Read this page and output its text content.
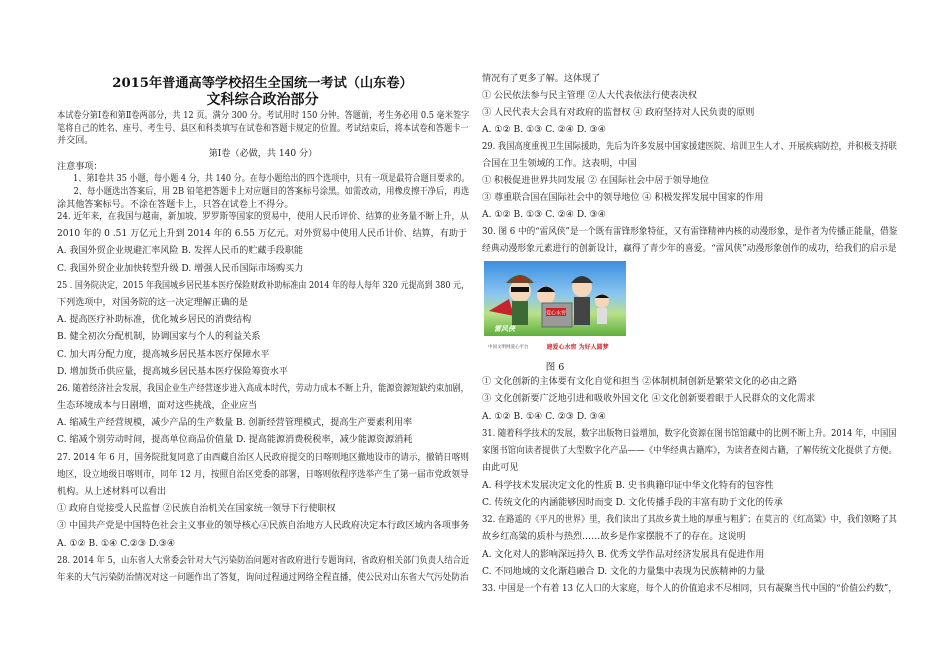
2015年普通高等学校招生全国统一考试（山东卷）
文科综合政治部分
本试卷分第Ⅰ卷和第Ⅱ卷两部分，共 12 页。满分 300 分。考试用时 150 分钟。答题前，考生务必用 0.5 毫米签字
笔将自己的姓名、座号、考生号、县区和科类填写在试卷和答题卡规定的位置。考试结束后，将本试卷和答题卡一
并交回。
第Ⅰ卷（必做，共 140 分）
注意事项：
1、第Ⅰ卷共 35 小题，每小题 4 分，共 140 分。在每小题给出的四个选项中，只有一项是最符合题目要求的。
2、每小题选出答案后，用 2B 铅笔把答题卡上对应题目的答案标号涂黑。如需改动，用橡皮擦干净后，再选
涂其他答案标号。不涂在答题卡上，只答在试卷上不得分。
24. 近年来，在我国与越南，新加坡、罗罗斯等国家的贸易中，使用人民币评价、结算的业务量不断上升，从
2010 年的 0 .51 万亿元上升到 2014 年的 6.55 万亿元。对外贸易中使用人民币计价、结算，有助于
A. 我国外贸企业规避汇率风险 B. 发挥人民币的贮藏手段职能
C. 我国外贸企业加快转型升级 D. 增强人民币国际市场购买力
25 . 国务院决定，2015 年我国城乡居民基本医疗保险财政补助标准由 2014 年的每人每年 320 元提高到 380 元，
下列选项中，对国务院的这一决定理解正确的是
A. 提高医疗补助标准，优化城乡居民的消费结构
B. 健全初次分配机制，协调国家与个人的利益关系
C. 加大再分配力度，提高城乡居民基本医疗保障水平
D. 增加货币供应量，提高城乡居民基本医疗保险筹资水平
26. 随着经济社会发展，我国企业生产经营逐步进入高成本时代，劳动力成本不断上升，能源资源短缺约束加剧，
生态环境成本与日剧增，面对这些挑战，企业应当
A. 缩减生产经营规模，减少产品的生产数量 B. 创新经营管理模式，提高生产要素利用率
C. 缩减个别劳动时间，提高单位商品价值量 D. 提高能源消费税税率，减少能源资源消耗
27. 2014 年 6 月，国务院批复同意了由西藏自治区人民政府提交的日喀则地区撤地设市的请示，撤销日喀则
地区，设立地级日喀则市，同年 12 月，按照自治区党委的部署，日喀则依程序选举产生了第一届市党政领导
机构。从上述材料可以看出
① 政府自觉接受人民监督 ②民族自治机关在国家统一领导下行使职权
③ 中国共产党是中国特色社会主义事业的领导核心④民族自治地方人民政府决定本行政区域内各项事务
A. ①② B. ①④ C.②③ D.③④
28. 2014 年 5，山东省人大常委会针对大气污染防治问题对省政府进行专题询问，省政府相关部门负责人结合近
年来的大气污染防治情况对这一问题作出了答复，询问过程通过网络全程直播，使公民对山东省大气污处防治
情况有了更多了解。这体现了
① 公民依法参与民主管理 ②人大代表依法行使表决权
③ 人民代表大会具有对政府的监督权 ④ 政府坚持对人民负责的原则
A. ①② B. ①③ C. ②④ D. ③④
29. 我国高度重视卫生国际援助，先后为许多发展中国家援建医院、培训卫生人才、开展疾病防控，并积极支持联
合国在卫生领域的工作。这表明，中国
① 积极促进世界共同发展 ② 在国际社会中居于领导地位
③ 尊重联合国在国际社会中的领导地位 ④ 积极发挥发展中国家的作用
A. ①② B. ①③ C. ②④ D. ③④
30. 图 6 中的“雷风侠”是一个既有雷锋形象特征，又有雷锋精神内核的动漫形象，是作者为传播正能量，借鉴
经典动漫形象元素进行的创新设计，赢得了青少年的喜爱。“雷风侠”动漫形象创作的成功，给我们的启示是
爱心水窖
雷风侠
中国文明网爱心平台	建爱心水窖 为好人圆梦
图 6
① 文化创新的主体要有文化自觉和担当 ②体制机制创新是繁荣文化的必由之路
③ 文化创新要广泛地引进和吸收外国文化 ④文化创新要着眼于人民群众的文化需求
A. ①② B. ①④ C. ②③ D. ③④
31. 随着科学技术的发展，数字出版物日益增加，数字化资源在图书馆馆藏中的比例不断上升。2014 年，中国国
家图书馆向读者提供了大型数字化产品——《中华经典古籍库》，为读者查阅古籍，了解传统文化提供了方便。
由此可见
A. 科学技术发展决定文化的性质 B. 史书典籍印证中华文化特有的包容性
C. 传统文化的内涵能够因时而变 D. 文化传播手段的丰富有助于文化的传承
32. 在路遥的《平凡的世界》里，我们读出了其故乡黄土地的厚重与粗犷；在莫言的《红高粱》中，我们领略了其
故乡红高粱的质朴与热烈……故乡是作家摆脱不了的存在。这说明
A. 文化对人的影响深远持久 B. 优秀文学作品对经济发展具有促进作用
C. 不同地域的文化渐趋融合 D. 文化的力量集中表现为民族精神的力量
33. 中国是一个有着 13 亿人口的大家庭，每个人的价值追求不尽相同，只有凝聚当代中国的“价值公约数”，
